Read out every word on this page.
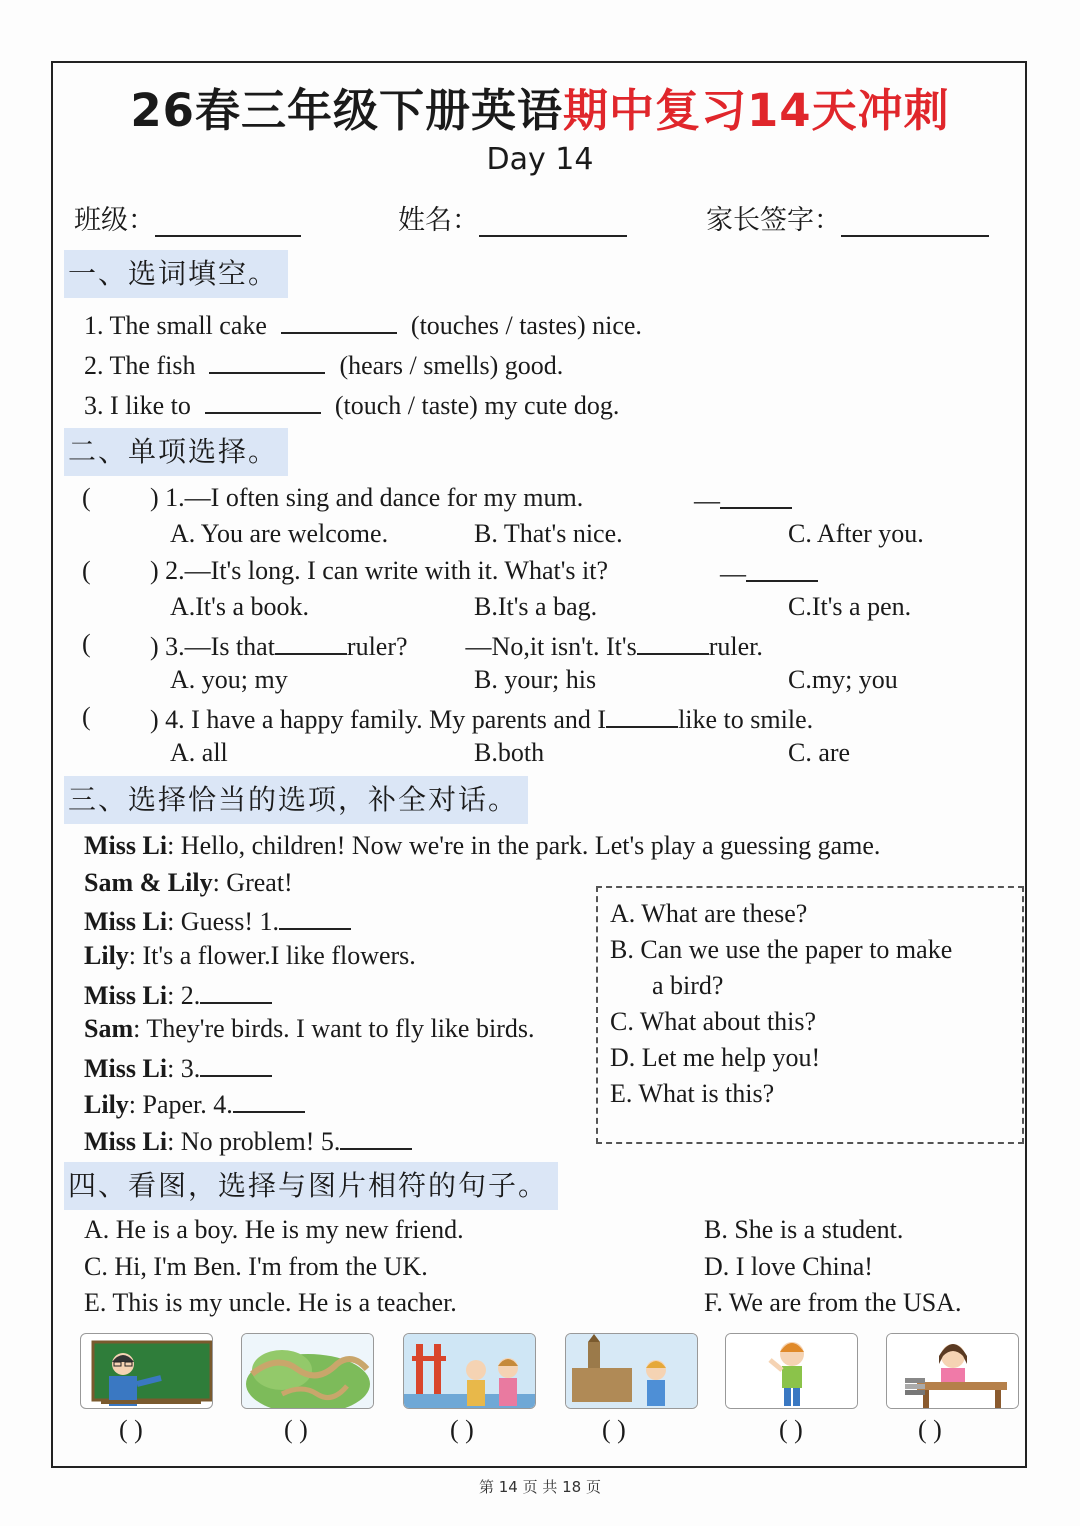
26春三年级下册英语期中复习14天冲刺
Day 14
班级：	姓名：	家长签字：
一、选词填空。
1. The small cake	(touches / tastes) nice.
2. The fish	(hears / smells) good.
3. I like to	(touch / taste) my cute dog.
二、单项选择。
( ) 1.—I often sing and dance for my mum.	—
A. You are welcome.	B. That's nice.	C. After you.
( ) 2.—It's long. I can write with it. What's it?	—
A.It's a book.	B.It's a bag.	C.It's a pen.
( ) 3.—Is that	ruler? —No,it isn't. It's	ruler.
A. you; my	B. your; his	C.my; you
( ) 4. I have a happy family. My parents and I	like to smile.
A. all	B.both	C. are
三、选择恰当的选项，补全对话。
Miss Li: Hello, children! Now we're in the park. Let's play a guessing game.
Sam & Lily: Great!
Miss Li: Guess! 1.
Lily: It's a flower.I like flowers.
Miss Li: 2.
Sam: They're birds. I want to fly like birds.
Miss Li: 3.
Lily: Paper. 4.
Miss Li: No problem! 5.
A. What are these?
B. Can we use the paper to make
a bird?
C. What about this?
D. Let me help you!
E. What is this?
四、看图，选择与图片相符的句子。
A. He is a boy. He is my new friend.	B. She is a student.
C. Hi, I'm Ben. I'm from the UK.	D. I love China!
E. This is my uncle. He is a teacher.	F. We are from the USA.
( )	( )	( )	( )	( )	( )
第 14 页 共 18 页
